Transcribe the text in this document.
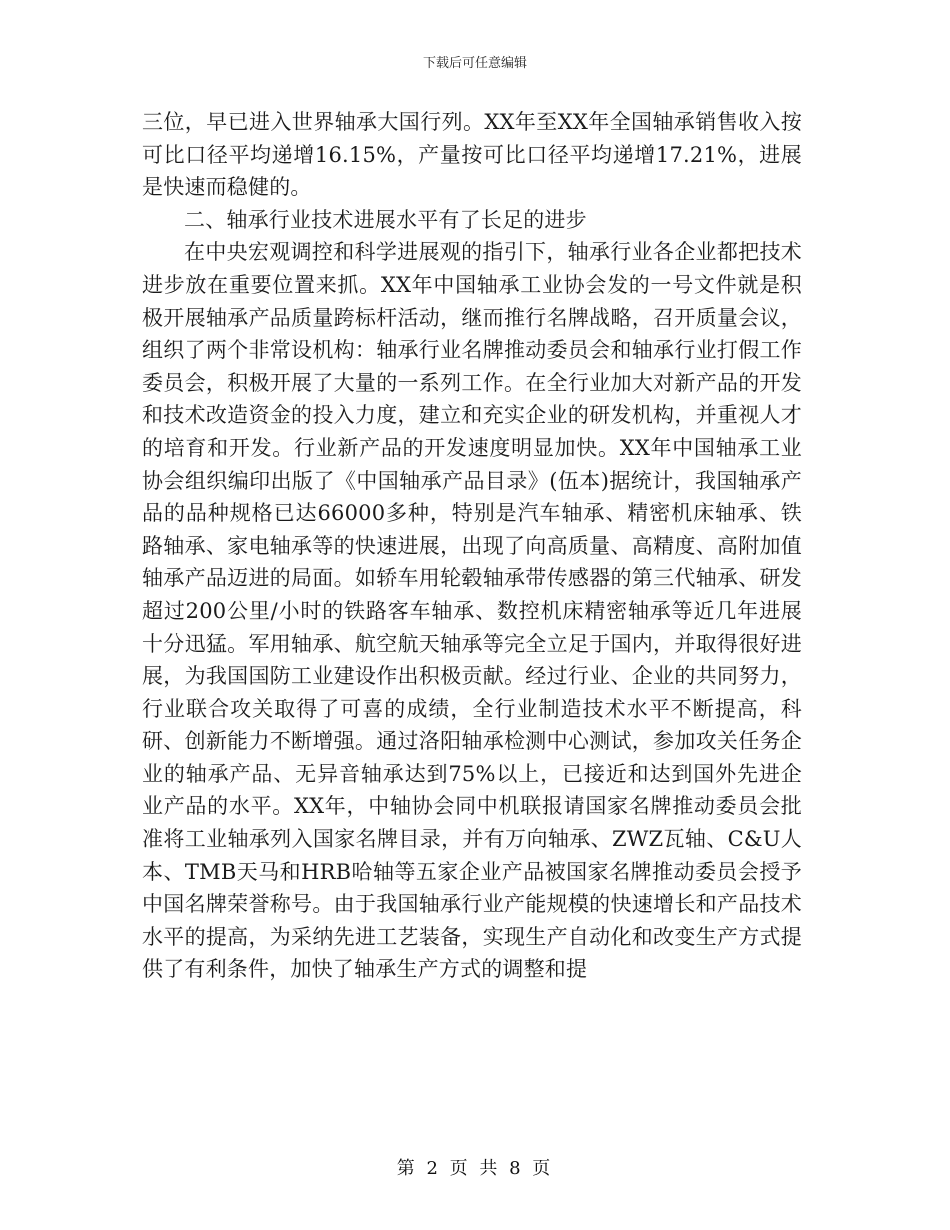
下载后可任意编辑

三位，早已进入世界轴承大国行列。XX年至XX年全国轴承销售收入按可比口径平均递增16.15%，产量按可比口径平均递增17.21%，进展是快速而稳健的。

二、轴承行业技术进展水平有了长足的进步

在中央宏观调控和科学进展观的指引下，轴承行业各企业都把技术进步放在重要位置来抓。XX年中国轴承工业协会发的一号文件就是积极开展轴承产品质量跨标杆活动，继而推行名牌战略，召开质量会议，组织了两个非常设机构：轴承行业名牌推动委员会和轴承行业打假工作委员会，积极开展了大量的一系列工作。在全行业加大对新产品的开发和技术改造资金的投入力度，建立和充实企业的研发机构，并重视人才的培育和开发。行业新产品的开发速度明显加快。XX年中国轴承工业协会组织编印出版了《中国轴承产品目录》(伍本)据统计，我国轴承产品的品种规格已达66000多种，特别是汽车轴承、精密机床轴承、铁路轴承、家电轴承等的快速进展，出现了向高质量、高精度、高附加值轴承产品迈进的局面。如轿车用轮毂轴承带传感器的第三代轴承、研发超过200公里/小时的铁路客车轴承、数控机床精密轴承等近几年进展十分迅猛。军用轴承、航空航天轴承等完全立足于国内，并取得很好进展，为我国国防工业建设作出积极贡献。经过行业、企业的共同努力，行业联合攻关取得了可喜的成绩，全行业制造技术水平不断提高，科研、创新能力不断增强。通过洛阳轴承检测中心测试，参加攻关任务企业的轴承产品、无异音轴承达到75%以上，已接近和达到国外先进企业产品的水平。XX年，中轴协会同中机联报请国家名牌推动委员会批准将工业轴承列入国家名牌目录，并有万向轴承、ZWZ瓦轴、C&U人本、TMB天马和HRB哈轴等五家企业产品被国家名牌推动委员会授予中国名牌荣誉称号。由于我国轴承行业产能规模的快速增长和产品技术水平的提高，为采纳先进工艺装备，实现生产自动化和改变生产方式提供了有利条件，加快了轴承生产方式的调整和提

第 2 页 共 8 页
